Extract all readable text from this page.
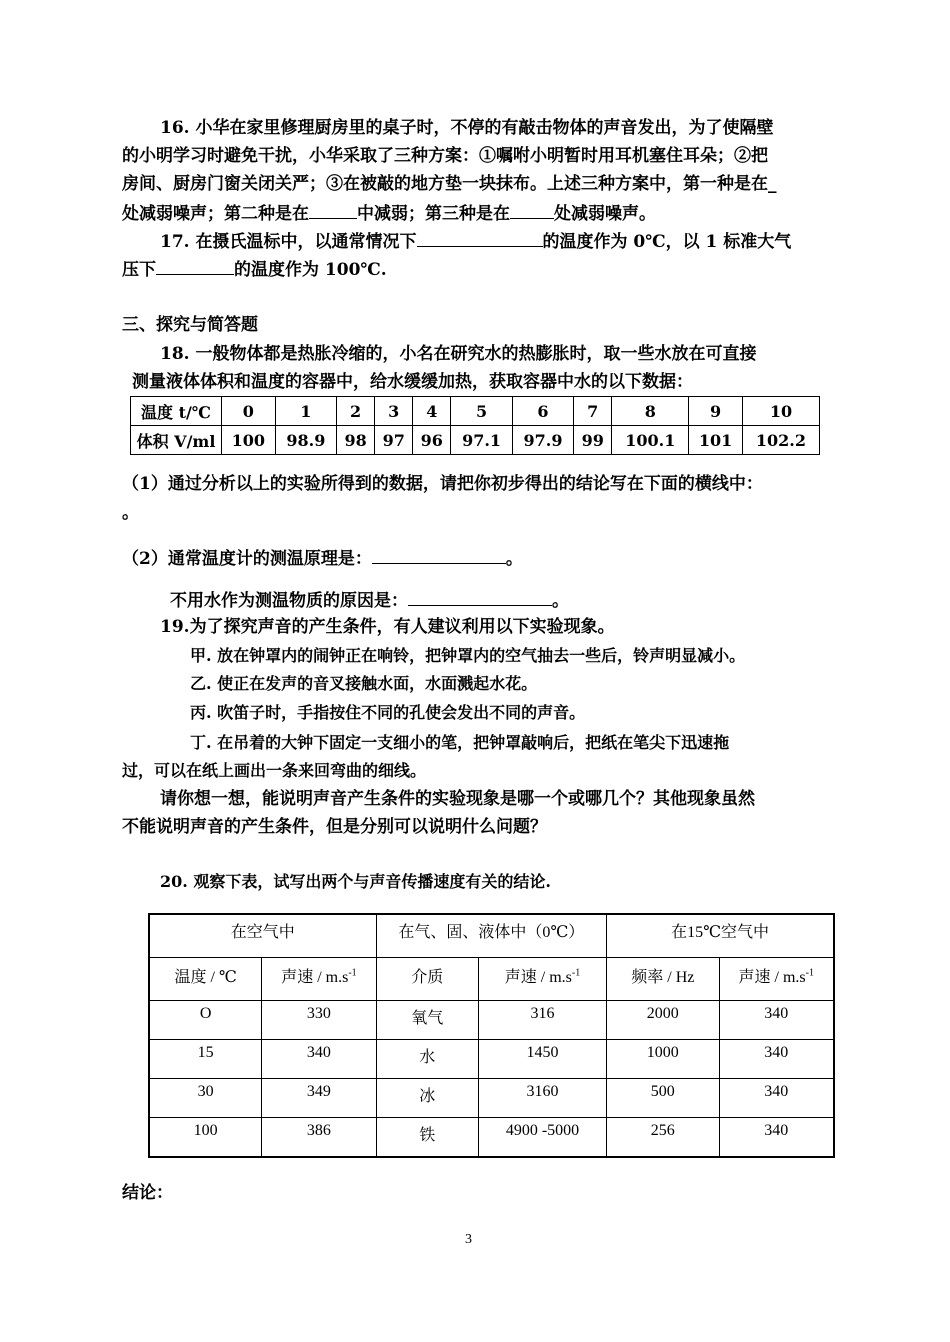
16. 小华在家里修理厨房里的桌子时，不停的有敲击物体的声音发出，为了使隔壁
的小明学习时避免干扰，小华采取了三种方案：①嘱咐小明暂时用耳机塞住耳朵；②把
房间、厨房门窗关闭关严；③在被敲的地方垫一块抹布。上述三种方案中，第一种是在_
处减弱噪声；第二种是在	中减弱；第三种是在	处减弱噪声。
17. 在摄氏温标中，以通常情况下	的温度作为 0℃，以 1 标准大气
压下	的温度作为 100℃.
三、探究与简答题
18. 一般物体都是热胀冷缩的，小名在研究水的热膨胀时，取一些水放在可直接
测量液体体积和温度的容器中，给水缓缓加热，获取容器中水的以下数据：
温度 t/℃	0	1	2	3	4	5	6	7	8	9	10
体积 V/ml	100	98.9	98	97	96	97.1	97.9	99	100.1	101	102.2
（1）通过分析以上的实验所得到的数据，请把你初步得出的结论写在下面的横线中：
。
（2）通常温度计的测温原理是：	。
不用水作为测温物质的原因是：	。
19.为了探究声音的产生条件，有人建议利用以下实验现象。
甲. 放在钟罩内的闹钟正在响铃，把钟罩内的空气抽去一些后，铃声明显减小。
乙. 使正在发声的音叉接触水面，水面溅起水花。
丙. 吹笛子时，手指按住不同的孔使会发出不同的声音。
丁. 在吊着的大钟下固定一支细小的笔，把钟罩敲响后，把纸在笔尖下迅速拖
过，可以在纸上画出一条来回弯曲的细线。
请你想一想，能说明声音产生条件的实验现象是哪一个或哪几个？其他现象虽然
不能说明声音的产生条件，但是分别可以说明什么问题？
20. 观察下表，试写出两个与声音传播速度有关的结论.
在空气中		在气、固、液体中（0℃）		在15℃空气中	
温度 / ℃	声速 / $m.s^{-1}$	介质	声速 / $m.s^{-1}$	频率 / Hz	声速 / $m.s^{-1}$
O	330	氧气	316	2000	340
15	340	水	1450	1000	340
30	349	冰	3160	500	340
100	386	铁	4900 -5000	256	340
结论：
3
